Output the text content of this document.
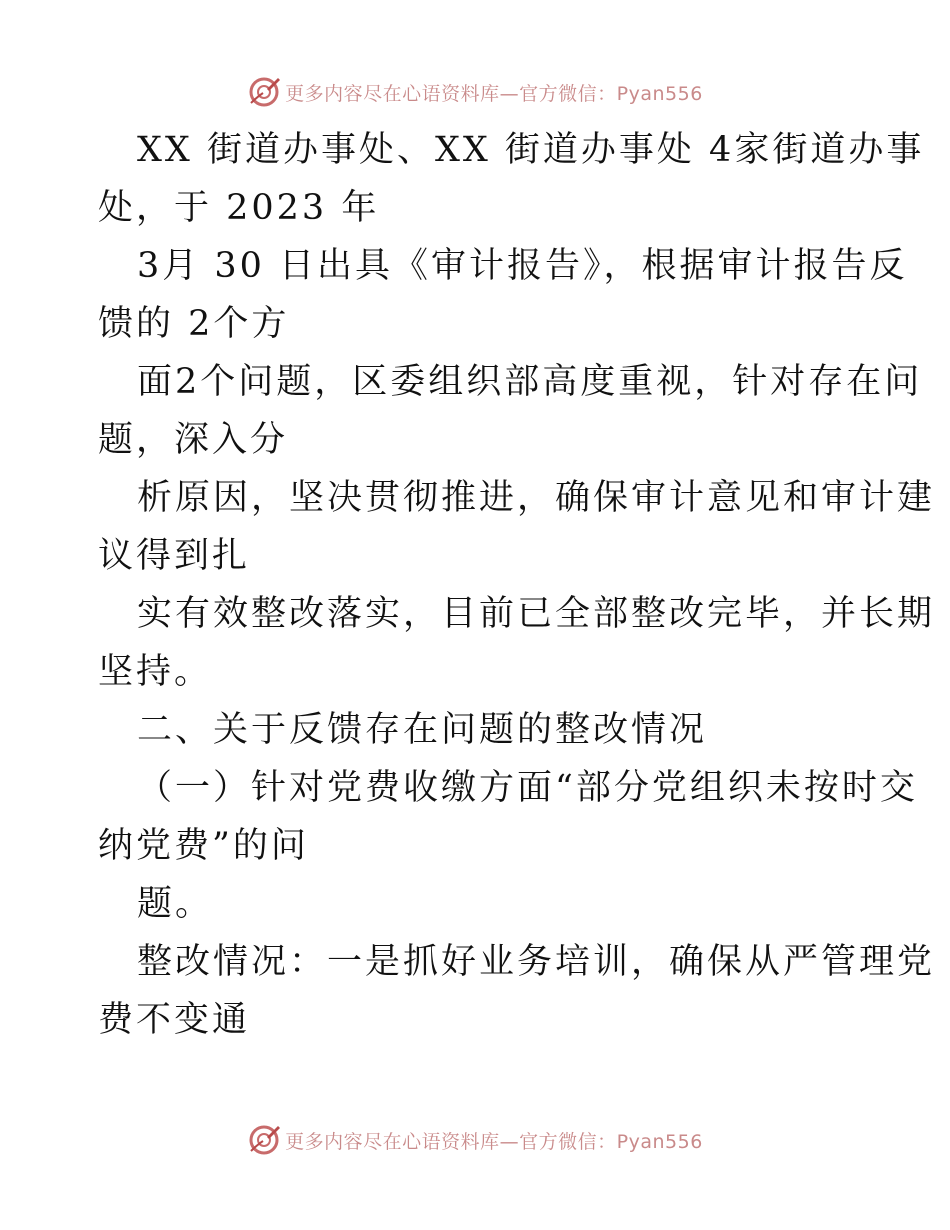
更多内容尽在心语资料库—官方微信：Pyan556
XX 街道办事处、XX 街道办事处 4家街道办事
处，于 2023 年
3月 30 日出具《审计报告》，根据审计报告反
馈的 2个方
面2个问题，区委组织部高度重视，针对存在问
题，深入分
析原因，坚决贯彻推进，确保审计意见和审计建
议得到扎
实有效整改落实，目前已全部整改完毕，并长期
坚持。
二、关于反馈存在问题的整改情况
（一）针对党费收缴方面“部分党组织未按时交
纳党费”的问
题。
整改情况：一是抓好业务培训，确保从严管理党
费不变通
更多内容尽在心语资料库—官方微信：Pyan556
